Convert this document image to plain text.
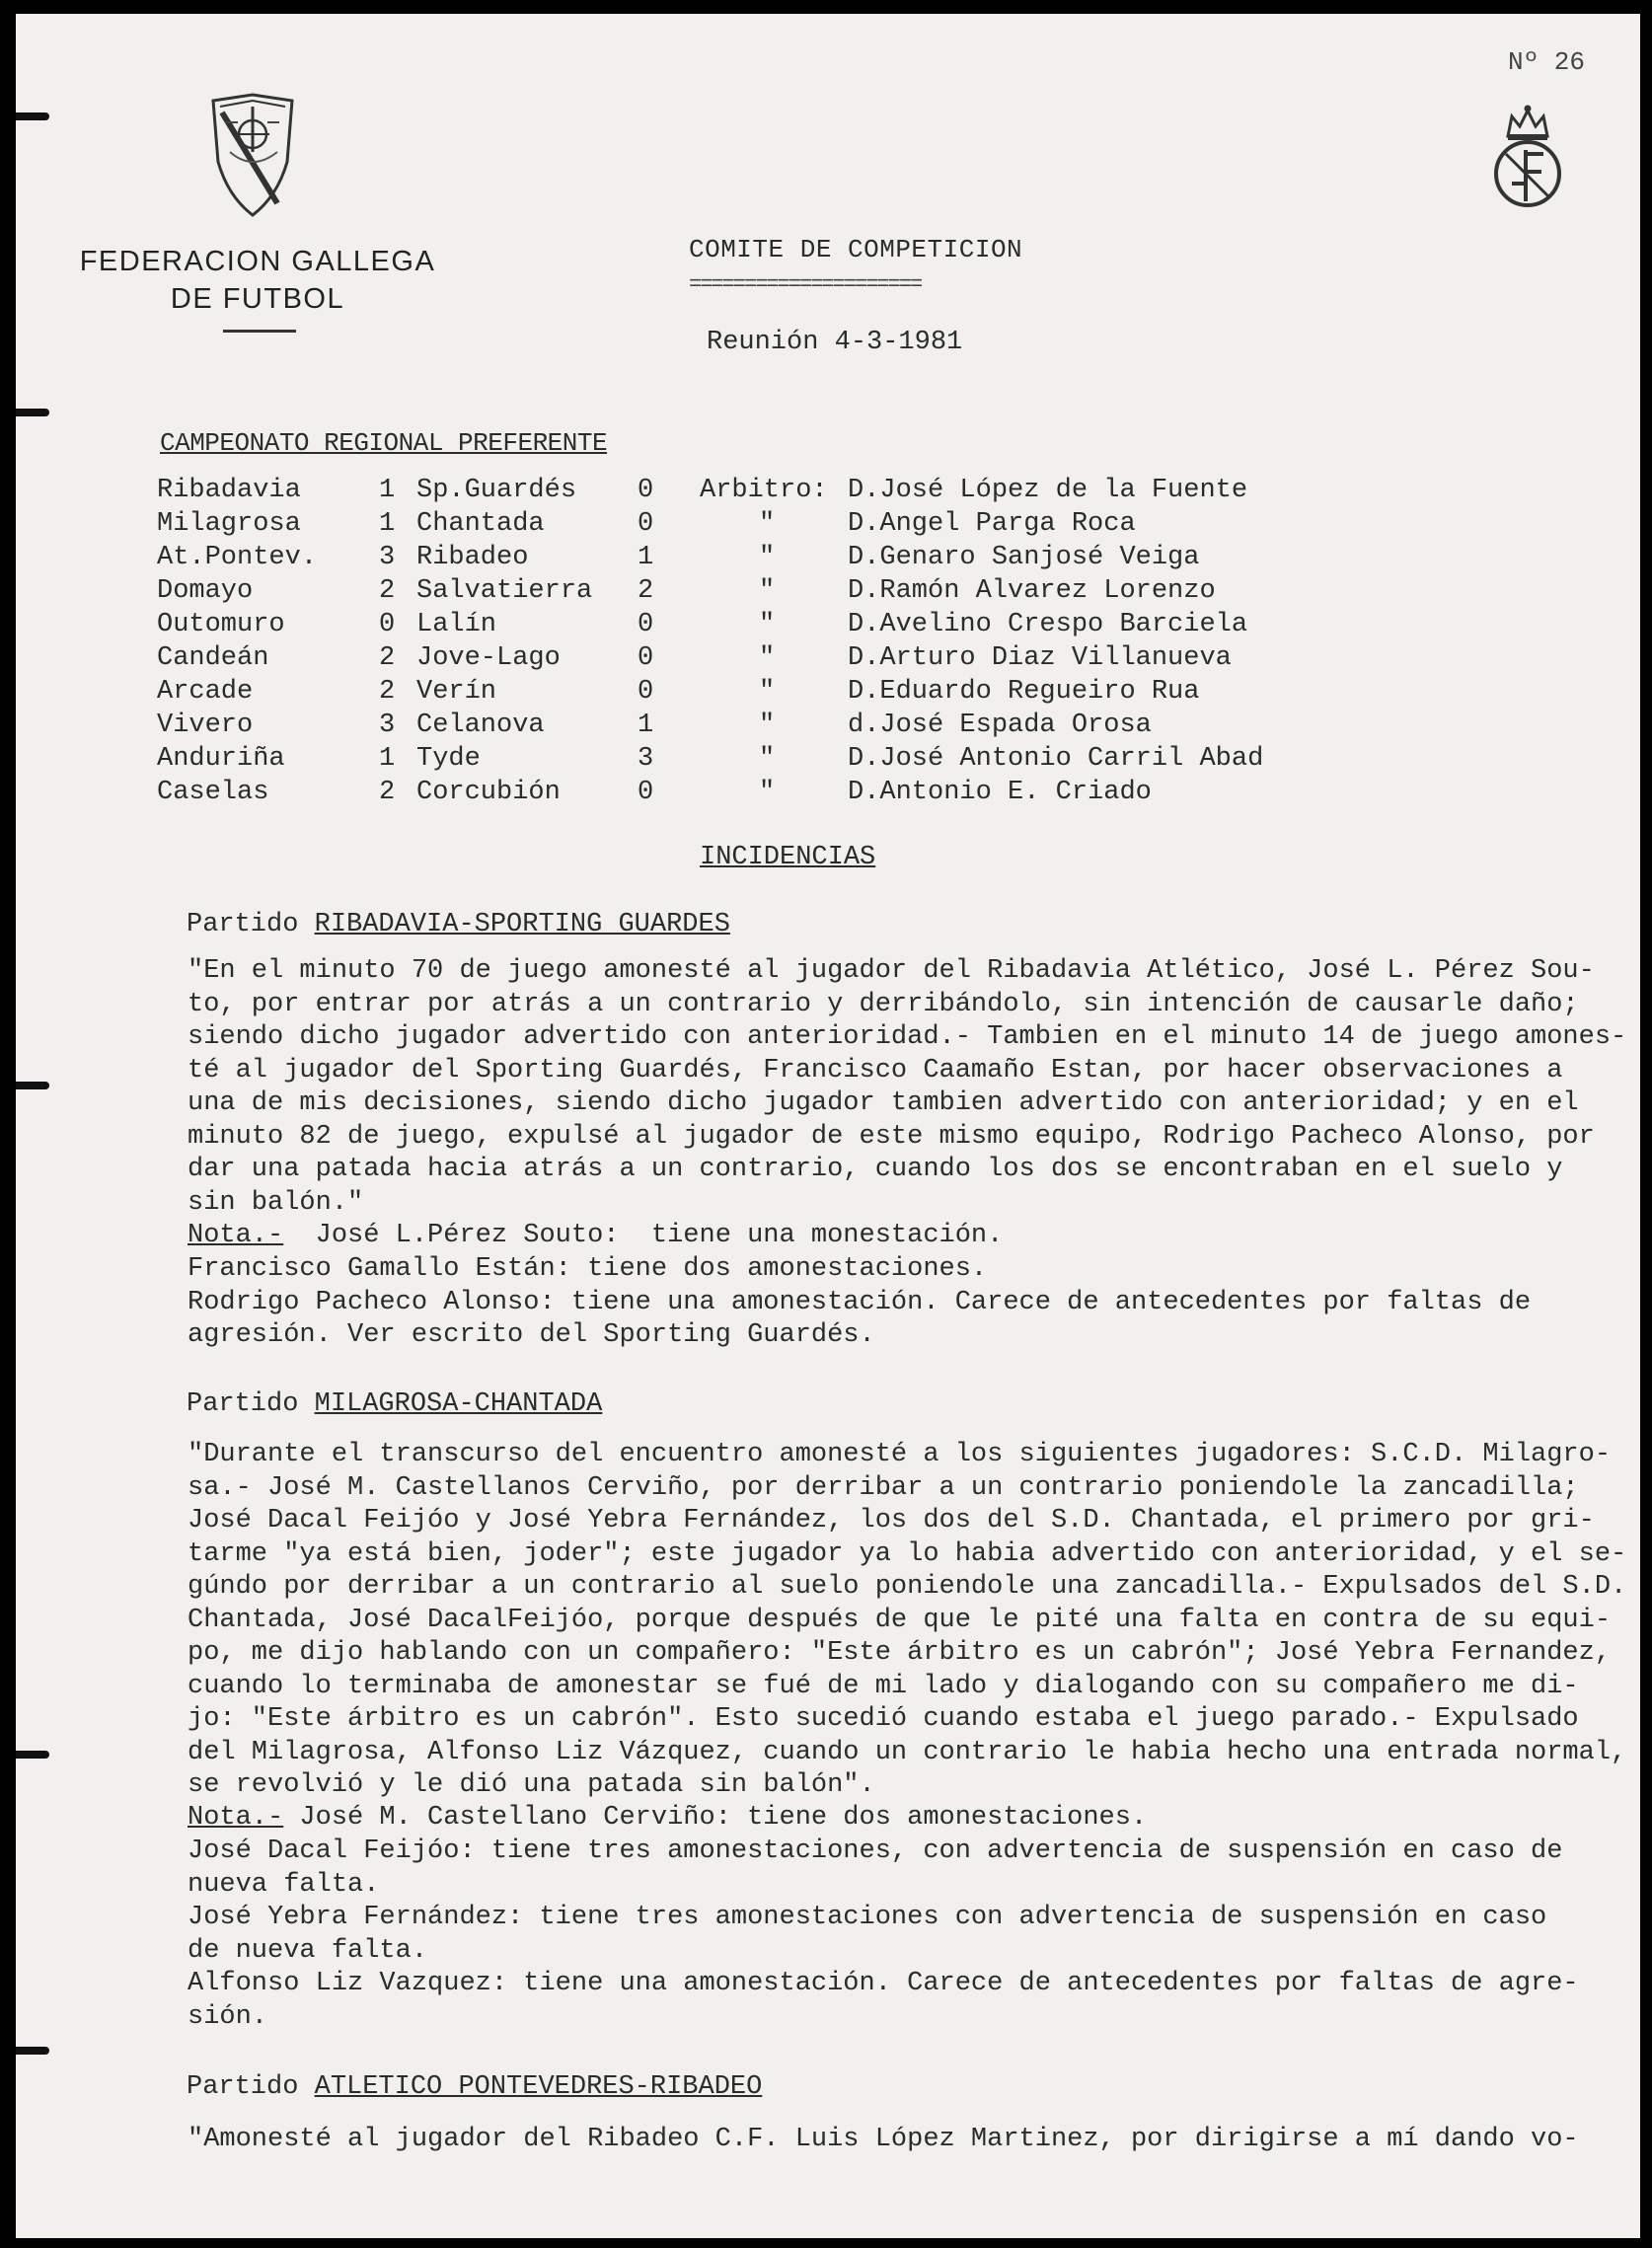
Nº 26
FEDERACION GALLEGA
DE FUTBOL
COMITE DE COMPETICION
=====================
Reunión 4-3-1981
CAMPEONATO REGIONAL PREFERENTE
Ribadavia	1 Sp.Guardés 0 Arbitro: D.José López de la Fuente
Milagrosa	1 Chantada	0	"	D.Angel Parga Roca
At.Pontev. 3 Ribadeo	1	"	D.Genaro Sanjosé Veiga
Domayo	2 Salvatierra 2	"	D.Ramón Alvarez Lorenzo
Outomuro	0 Lalín	0	"	D.Avelino Crespo Barciela
Candeán	2 Jove-Lago	0	"	D.Arturo Diaz Villanueva
Arcade	2 Verín	0	"	D.Eduardo Regueiro Rua
Vivero	3 Celanova	1	"	d.José Espada Orosa
Anduriña	1 Tyde	3	"	D.José Antonio Carril Abad
Caselas	2 Corcubión	0	"	D.Antonio E. Criado
INCIDENCIAS
Partido RIBADAVIA-SPORTING GUARDES
"En el minuto 70 de juego amonesté al jugador del Ribadavia Atlético, José L. Pérez Sou-
to, por entrar por atrás a un contrario y derribándolo, sin intención de causarle daño;
siendo dicho jugador advertido con anterioridad.- Tambien en el minuto 14 de juego amones-
té al jugador del Sporting Guardés, Francisco Caamaño Estan, por hacer observaciones a
una de mis decisiones, siendo dicho jugador tambien advertido con anterioridad; y en el
minuto 82 de juego, expulsé al jugador de este mismo equipo, Rodrigo Pacheco Alonso, por
dar una patada hacia atrás a un contrario, cuando los dos se encontraban en el suelo y
sin balón."
Nota.-  José L.Pérez Souto:  tiene una monestación.
Francisco Gamallo Están: tiene dos amonestaciones.
Rodrigo Pacheco Alonso: tiene una amonestación. Carece de antecedentes por faltas de
agresión. Ver escrito del Sporting Guardés.
Partido MILAGROSA-CHANTADA
"Durante el transcurso del encuentro amonesté a los siguientes jugadores: S.C.D. Milagro-
sa.- José M. Castellanos Cerviño, por derribar a un contrario poniendole la zancadilla;
José Dacal Feijóo y José Yebra Fernández, los dos del S.D. Chantada, el primero por gri-
tarme "ya está bien, joder"; este jugador ya lo habia advertido con anterioridad, y el se-
gúndo por derribar a un contrario al suelo poniendole una zancadilla.- Expulsados del S.D.
Chantada, José DacalFeijóo, porque después de que le pité una falta en contra de su equi-
po, me dijo hablando con un compañero: "Este árbitro es un cabrón"; José Yebra Fernandez,
cuando lo terminaba de amonestar se fué de mi lado y dialogando con su compañero me di-
jo: "Este árbitro es un cabrón". Esto sucedió cuando estaba el juego parado.- Expulsado
del Milagrosa, Alfonso Liz Vázquez, cuando un contrario le habia hecho una entrada normal,
se revolvió y le dió una patada sin balón".
Nota.- José M. Castellano Cerviño: tiene dos amonestaciones.
José Dacal Feijóo: tiene tres amonestaciones, con advertencia de suspensión en caso de
nueva falta.
José Yebra Fernández: tiene tres amonestaciones con advertencia de suspensión en caso
de nueva falta.
Alfonso Liz Vazquez: tiene una amonestación. Carece de antecedentes por faltas de agre-
sión.
Partido ATLETICO PONTEVEDRES-RIBADEO
"Amonesté al jugador del Ribadeo C.F. Luis López Martinez, por dirigirse a mí dando vo-
